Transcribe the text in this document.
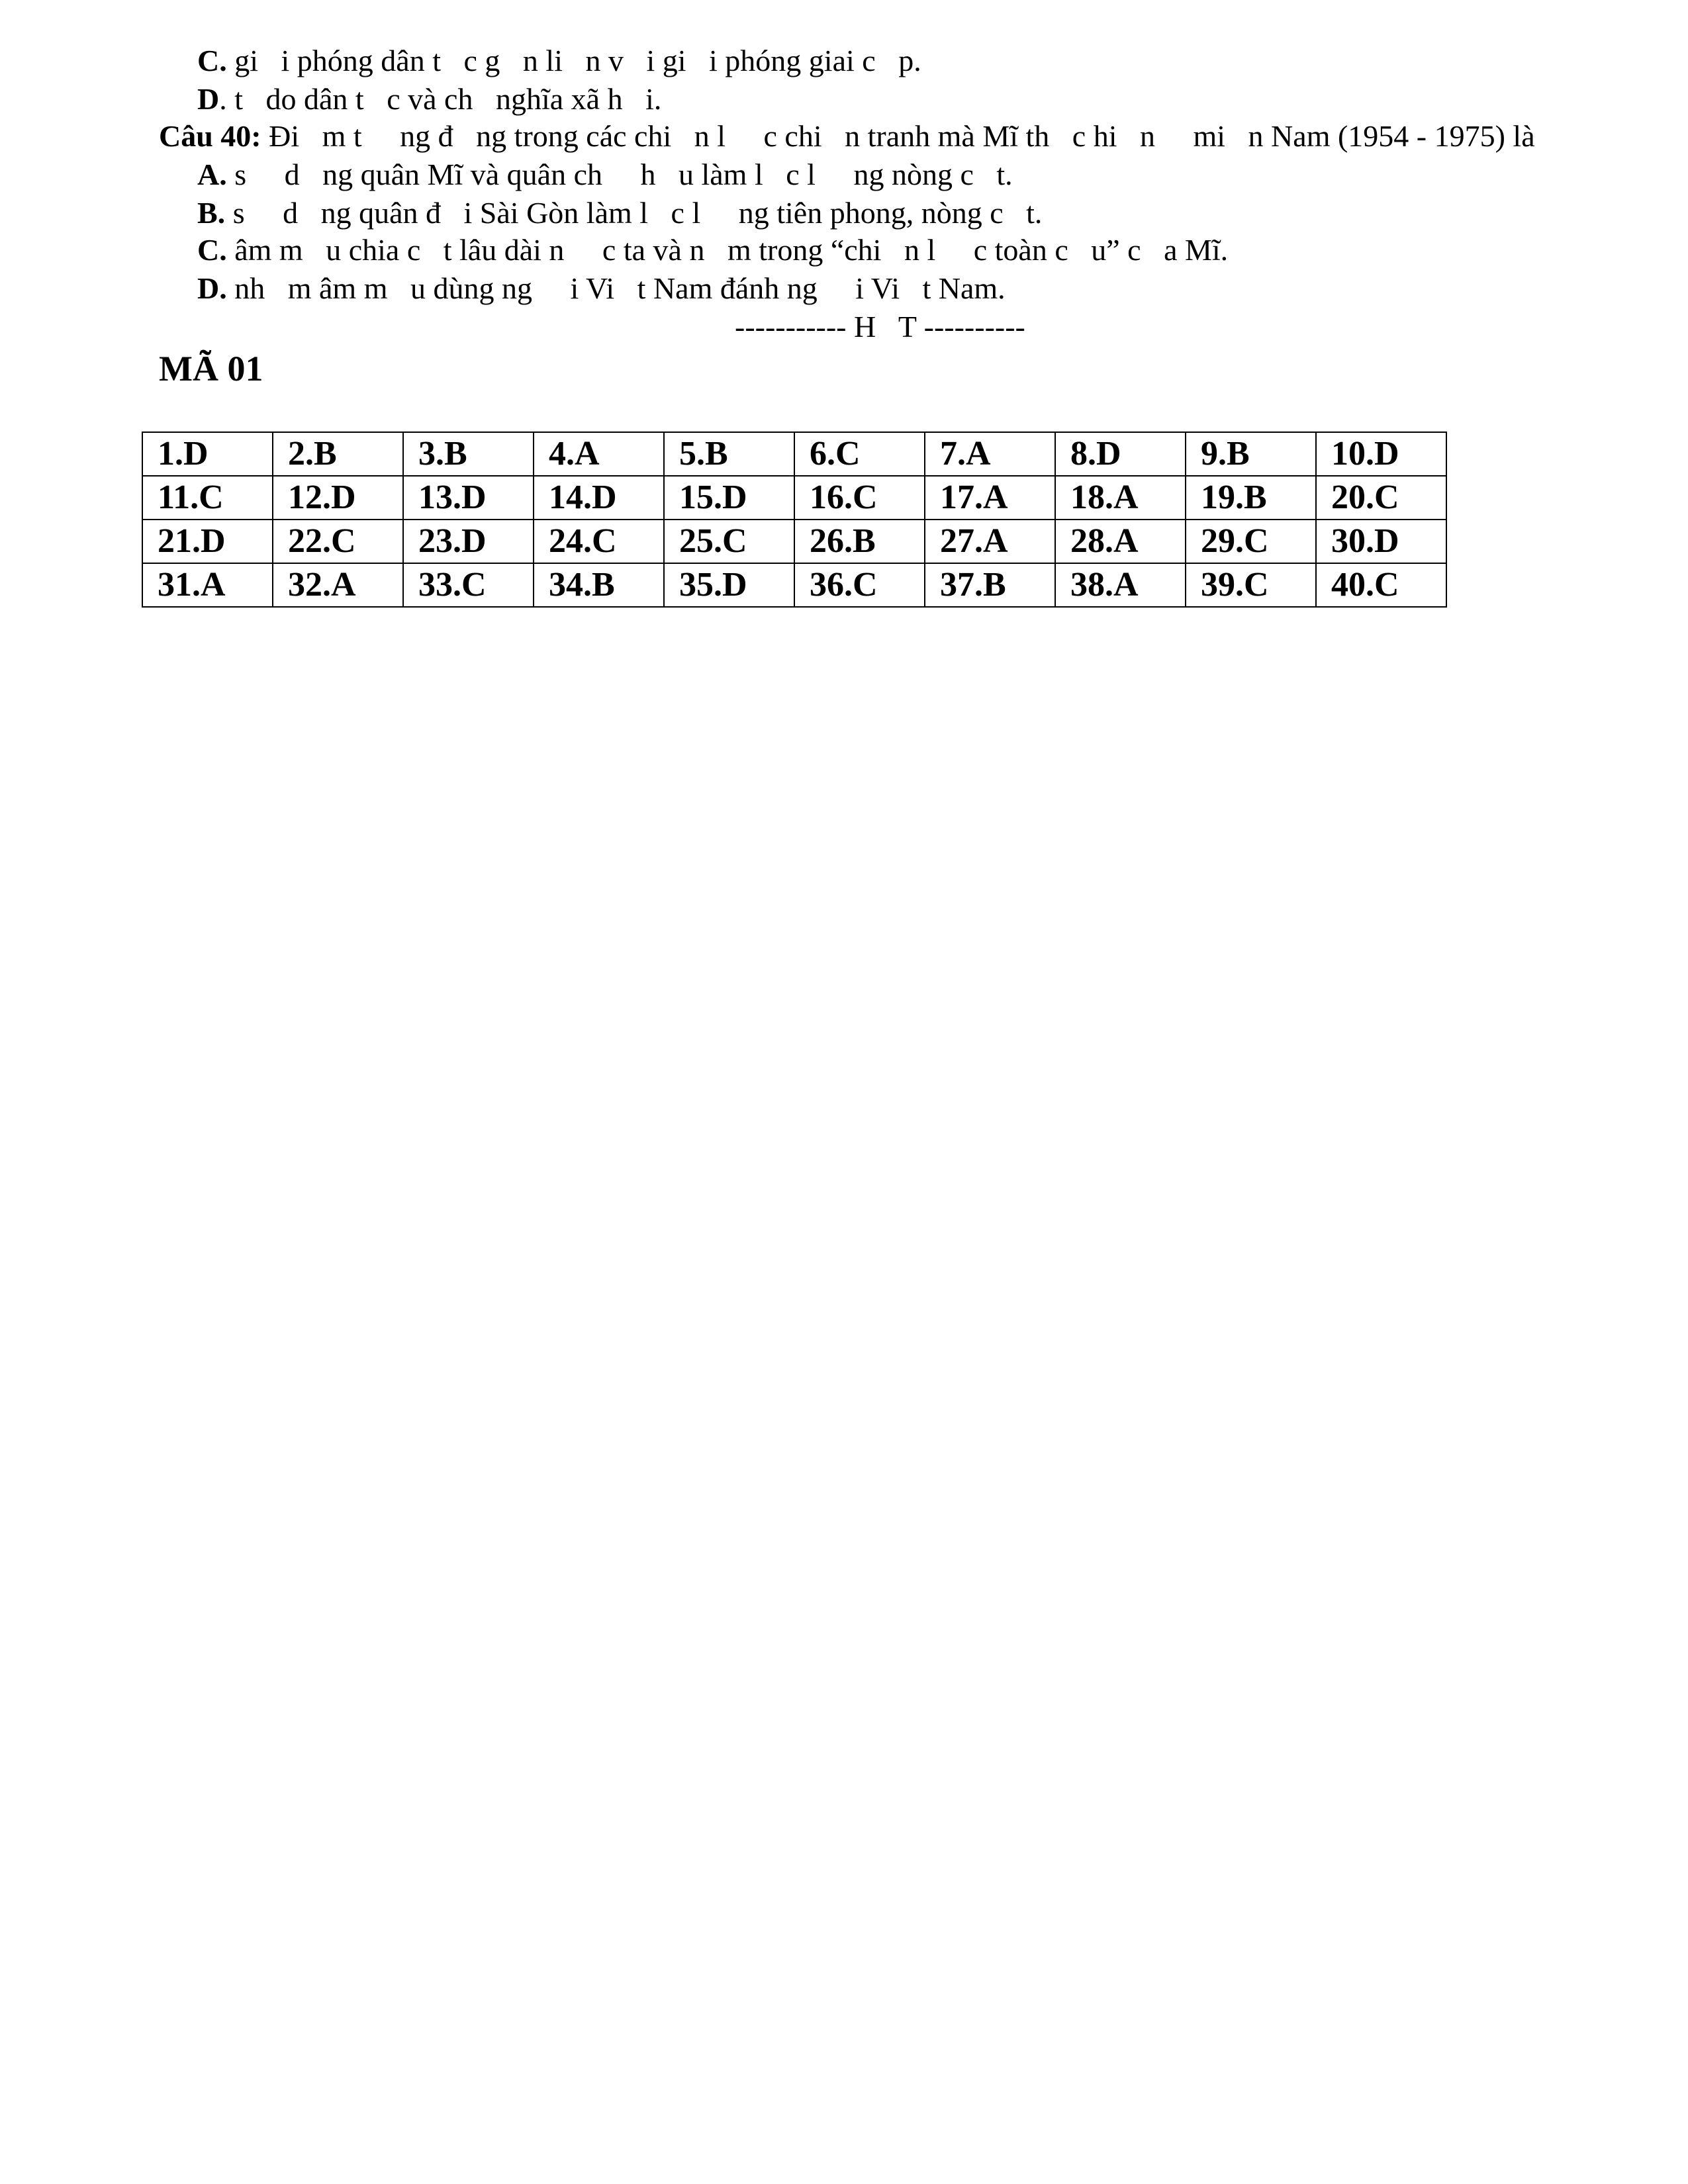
C. gi   i phóng dân t   c g   n li   n v   i gi   i phóng giai c   p.
D. t   do dân t   c và ch   nghĩa xã h   i.
Câu 40: Đi   m t     ng đ   ng trong các chi   n l     c chi   n tranh mà Mĩ th   c hi   n     mi   n Nam (1954 - 1975) là
A. s     d   ng quân Mĩ và quân ch     h   u làm l   c l     ng nòng c   t.
B. s     d   ng quân đ   i Sài Gòn làm l   c l     ng tiên phong, nòng c   t.
C. âm m   u chia c   t lâu dài n     c ta và n   m trong “chi   n l     c toàn c   u” c   a Mĩ.
D. nh   m âm m   u dùng ng     i Vi   t Nam đánh ng     i Vi   t Nam.
----------- H   T ----------
MÃ 01
1.D	2.B	3.B	4.A	5.B	6.C	7.A	8.D	9.B	10.D
11.C	12.D	13.D	14.D	15.D	16.C	17.A	18.A	19.B	20.C
21.D	22.C	23.D	24.C	25.C	26.B	27.A	28.A	29.C	30.D
31.A	32.A	33.C	34.B	35.D	36.C	37.B	38.A	39.C	40.C
